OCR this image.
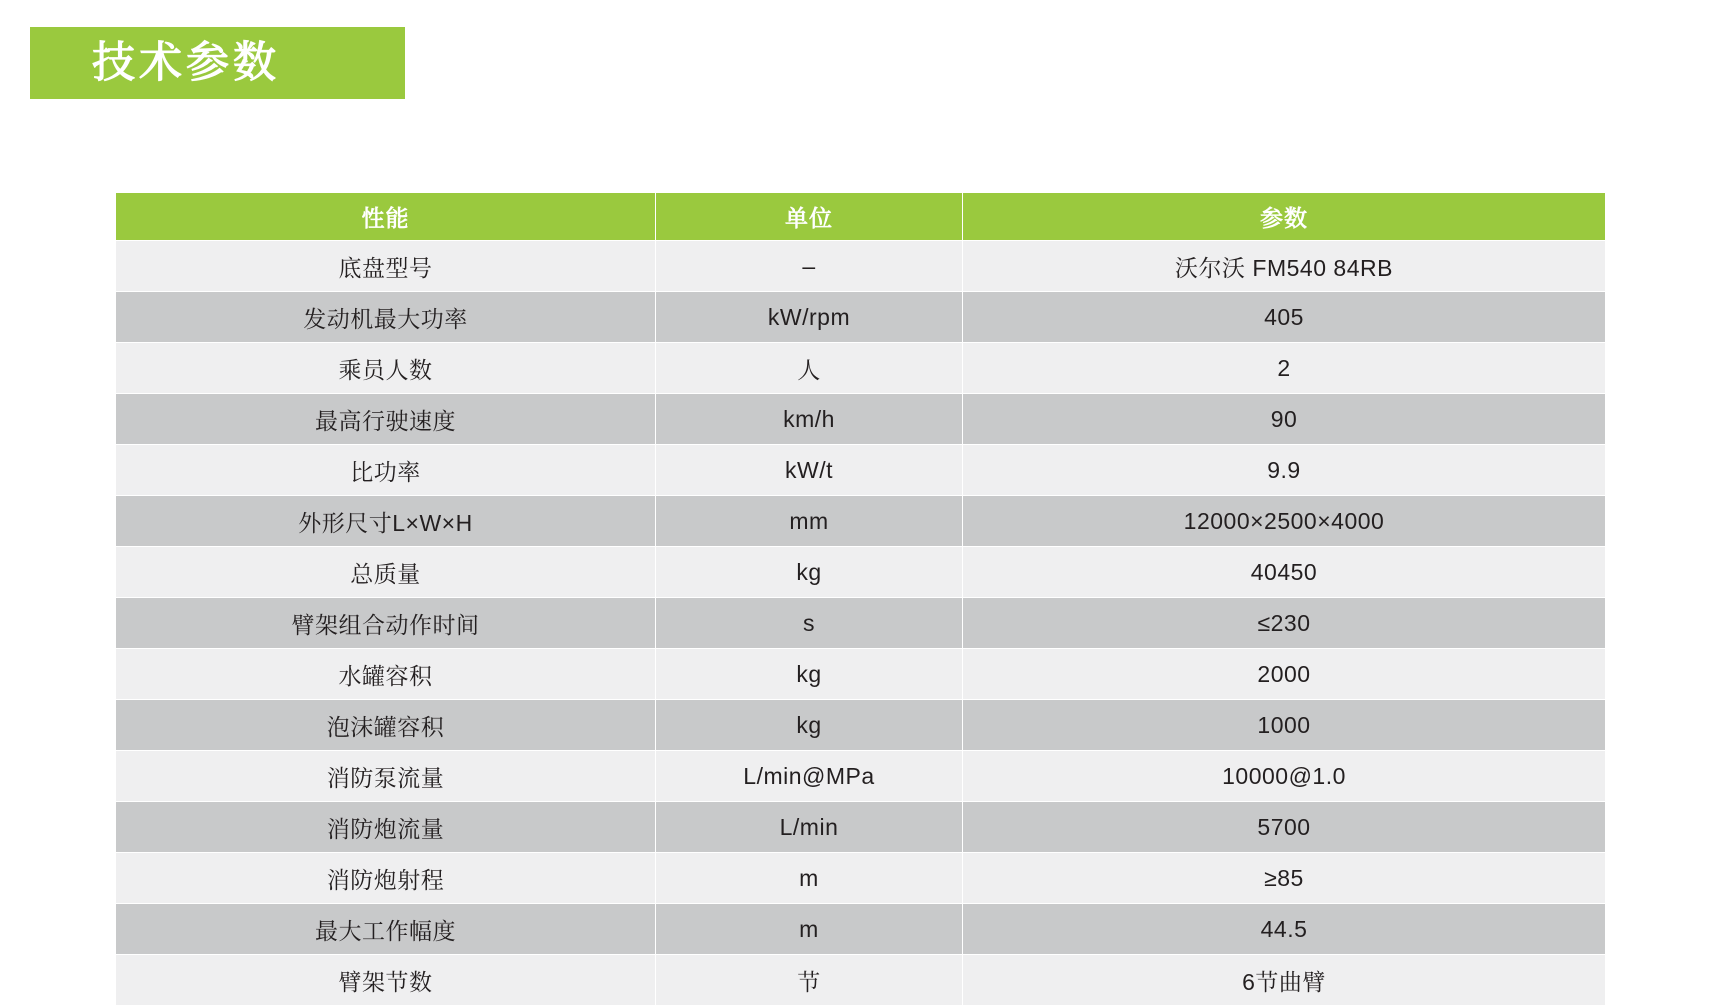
技术参数
性能	单位	参数
底盘型号	–	沃尔沃 FM540 84RB
发动机最大功率	kW/rpm	405
乘员人数	人	2
最高行驶速度	km/h	90
比功率	kW/t	9.9
外形尺寸L×W×H	mm	12000×2500×4000
总质量	kg	40450
臂架组合动作时间	s	≤230
水罐容积	kg	2000
泡沫罐容积	kg	1000
消防泵流量	L/min@MPa	10000@1.0
消防炮流量	L/min	5700
消防炮射程	m	≥85
最大工作幅度	m	44.5
臂架节数	节	6节曲臂
